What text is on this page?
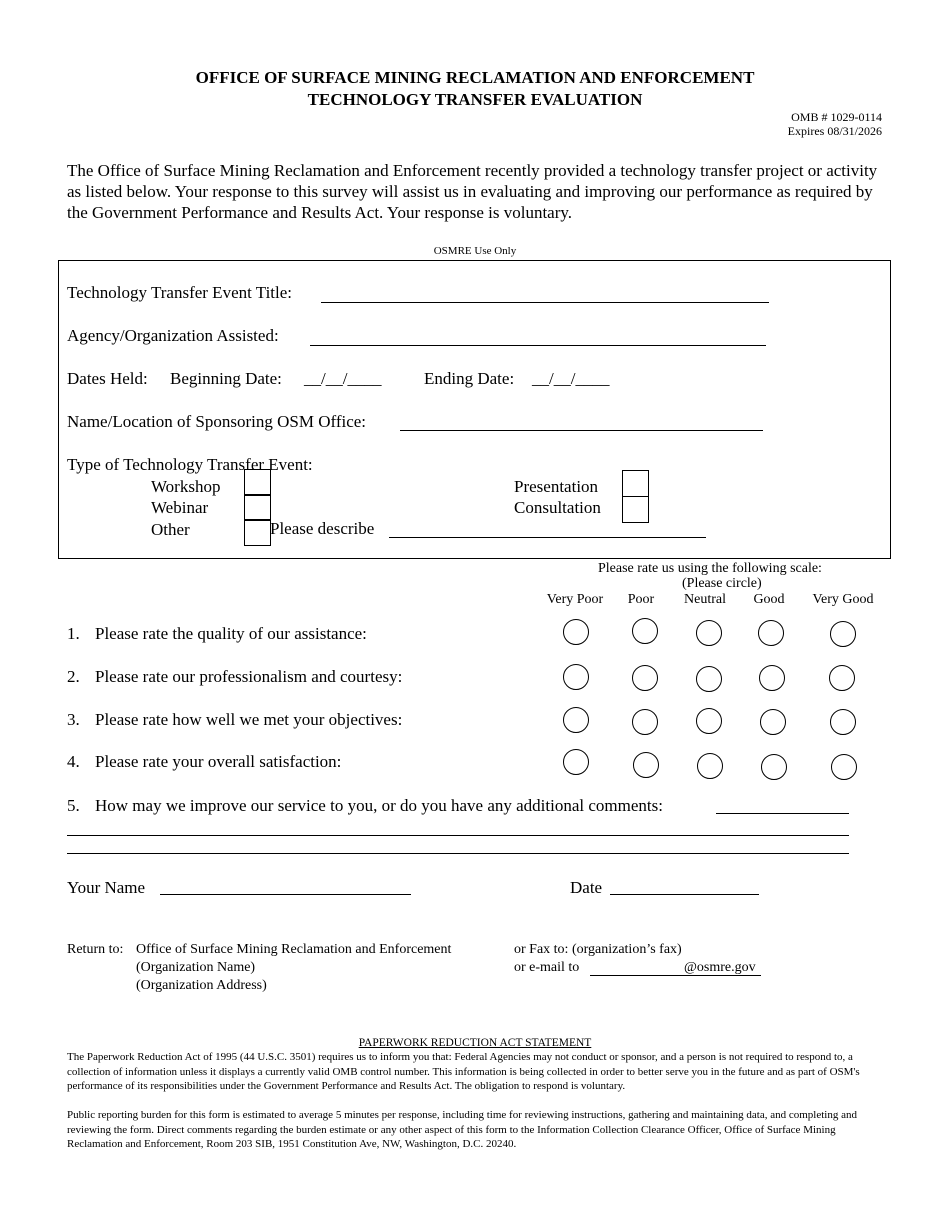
OFFICE OF SURFACE MINING RECLAMATION AND ENFORCEMENT
TECHNOLOGY TRANSFER EVALUATION
OMB # 1029-0114
Expires 08/31/2026
The Office of Surface Mining Reclamation and Enforcement recently provided a technology transfer project or activity as listed below. Your response to this survey will assist us in evaluating and improving our performance as required by the Government Performance and Results Act. Your response is voluntary.
OSMRE Use Only
Technology Transfer Event Title:
Agency/Organization Assisted:
Dates Held: Beginning Date: __/__/____	Ending Date: __/__/____
Name/Location of Sponsoring OSM Office:
Type of Technology Transfer Event:
Workshop
Webinar
Other	Please describe
Presentation
Consultation
Please rate us using the following scale:
(Please circle)
Very Poor Poor Neutral Good Very Good
1. Please rate the quality of our assistance:
2. Please rate our professionalism and courtesy:
3. Please rate how well we met your objectives:
4. Please rate your overall satisfaction:
5. How may we improve our service to you, or do you have any additional comments:
Your Name	Date
Return to: Office of Surface Mining Reclamation and Enforcement
(Organization Name)
(Organization Address)
or Fax to: (organization’s fax)
or e-mail to	@osmre.gov
PAPERWORK REDUCTION ACT STATEMENT
The Paperwork Reduction Act of 1995 (44 U.S.C. 3501) requires us to inform you that: Federal Agencies may not conduct or sponsor, and a person is not required to respond to, a collection of information unless it displays a currently valid OMB control number. This information is being collected in order to better serve you in the future and as part of OSM's performance of its responsibilities under the Government Performance and Results Act. The obligation to respond is voluntary.
Public reporting burden for this form is estimated to average 5 minutes per response, including time for reviewing instructions, gathering and maintaining data, and completing and reviewing the form. Direct comments regarding the burden estimate or any other aspect of this form to the Information Collection Clearance Officer, Office of Surface Mining Reclamation and Enforcement, Room 203 SIB, 1951 Constitution Ave, NW, Washington, D.C. 20240.
